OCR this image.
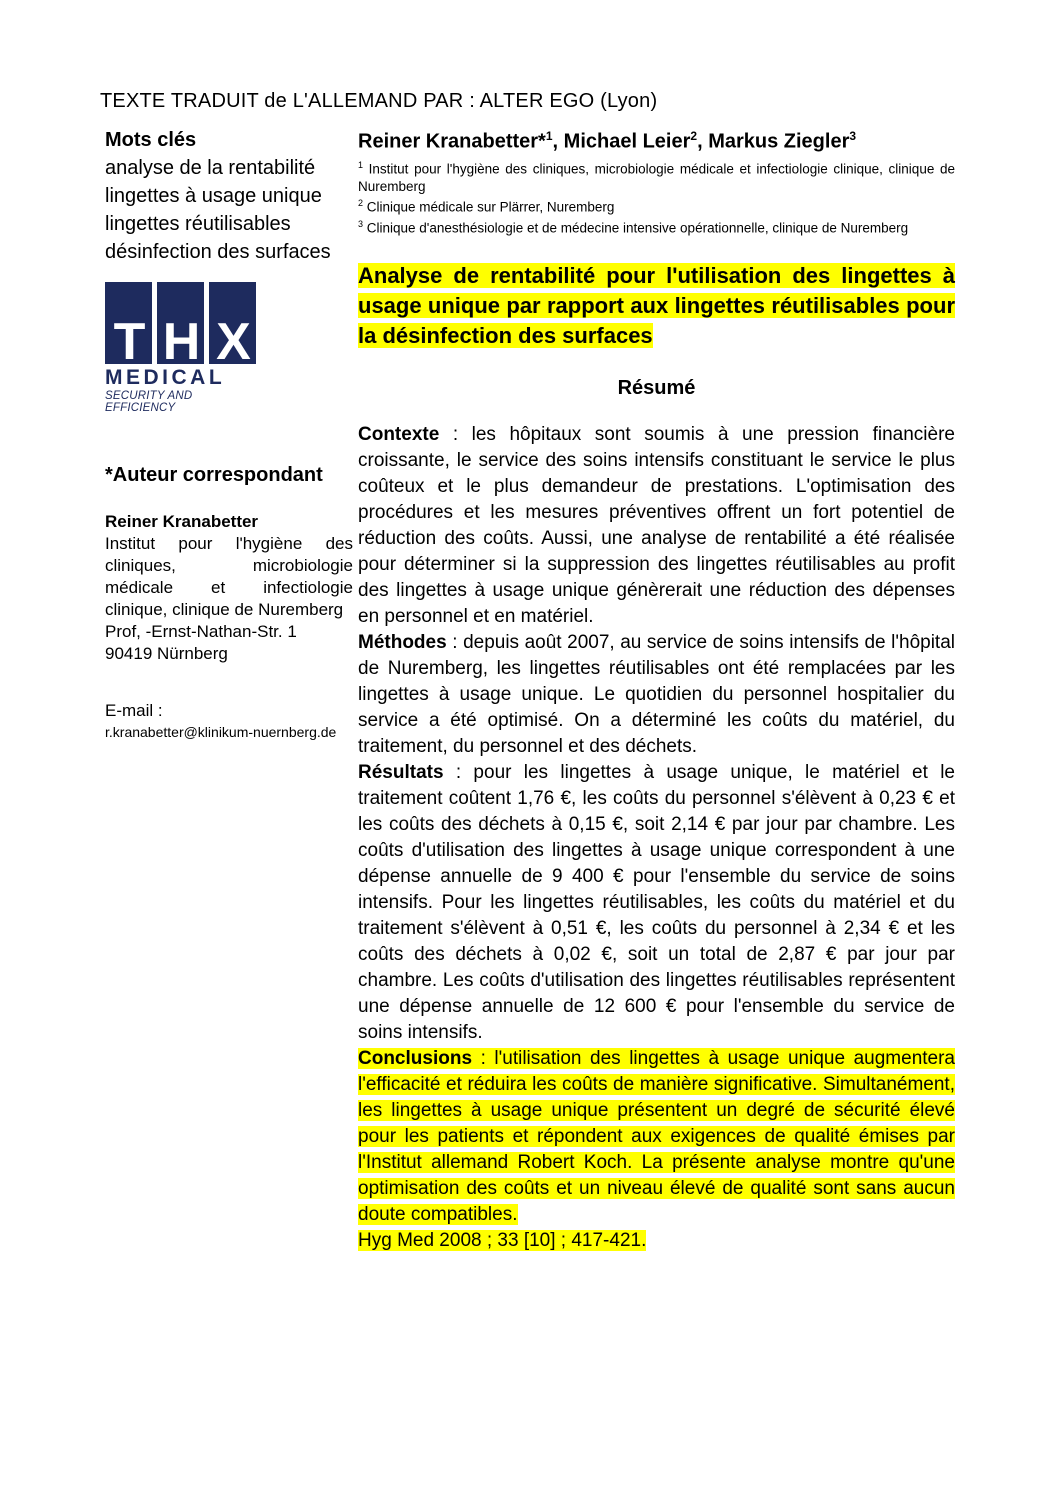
TEXTE TRADUIT de L'ALLEMAND PAR : ALTER EGO (Lyon)
Mots clés
analyse de la rentabilité
lingettes à usage unique
lingettes réutilisables
désinfection des surfaces
T H X
MEDICAL
SECURITY AND EFFICIENCY
*Auteur correspondant
Reiner Kranabetter
Institut pour l'hygiène des cliniques, microbiologie médicale et infectiologie clinique, clinique de Nuremberg
Prof, -Ernst-Nathan-Str. 1
90419 Nürnberg
E-mail :
r.kranabetter@klinikum-nuernberg.de
Reiner Kranabetter*$^1$, Michael Leier$^2$, Markus Ziegler$^3$

$^1$ Institut pour l'hygiène des cliniques, microbiologie médicale et infectiologie clinique, clinique de Nuremberg

$^2$ Clinique médicale sur Plärrer, Nuremberg

$^3$ Clinique d'anesthésiologie et de médecine intensive opérationnelle, clinique de Nuremberg

Analyse de rentabilité pour l'utilisation des lingettes à usage unique par rapport aux lingettes réutilisables pour la désinfection des surfaces
Résumé

Contexte : les hôpitaux sont soumis à une pression financière croissante, le service des soins intensifs constituant le service le plus coûteux et le plus demandeur de prestations. L'optimisation des procédures et les mesures préventives offrent un fort potentiel de réduction des coûts. Aussi, une analyse de rentabilité a été réalisée pour déterminer si la suppression des lingettes réutilisables au profit des lingettes à usage unique génèrerait une réduction des dépenses en personnel et en matériel.

Méthodes : depuis août 2007, au service de soins intensifs de l'hôpital de Nuremberg, les lingettes réutilisables ont été remplacées par les lingettes à usage unique. Le quotidien du personnel hospitalier du service a été optimisé. On a déterminé les coûts du matériel, du traitement, du personnel et des déchets.

Résultats : pour les lingettes à usage unique, le matériel et le traitement coûtent 1,76 €, les coûts du personnel s'élèvent à 0,23 € et les coûts des déchets à 0,15 €, soit 2,14 € par jour par chambre. Les coûts d'utilisation des lingettes à usage unique correspondent à une dépense annuelle de 9 400 € pour l'ensemble du service de soins intensifs. Pour les lingettes réutilisables, les coûts du matériel et du traitement s'élèvent à 0,51 €, les coûts du personnel à 2,34 € et les coûts des déchets à 0,02 €, soit un total de 2,87 € par jour par chambre. Les coûts d'utilisation des lingettes réutilisables représentent une dépense annuelle de 12 600 € pour l'ensemble du service de soins intensifs.

Conclusions : l'utilisation des lingettes à usage unique augmentera l'efficacité et réduira les coûts de manière significative. Simultanément, les lingettes à usage unique présentent un degré de sécurité élevé pour les patients et répondent aux exigences de qualité émises par l'Institut allemand Robert Koch. La présente analyse montre qu'une optimisation des coûts et un niveau élevé de qualité sont sans aucun doute compatibles.

Hyg Med 2008 ; 33 [10] ; 417-421.
